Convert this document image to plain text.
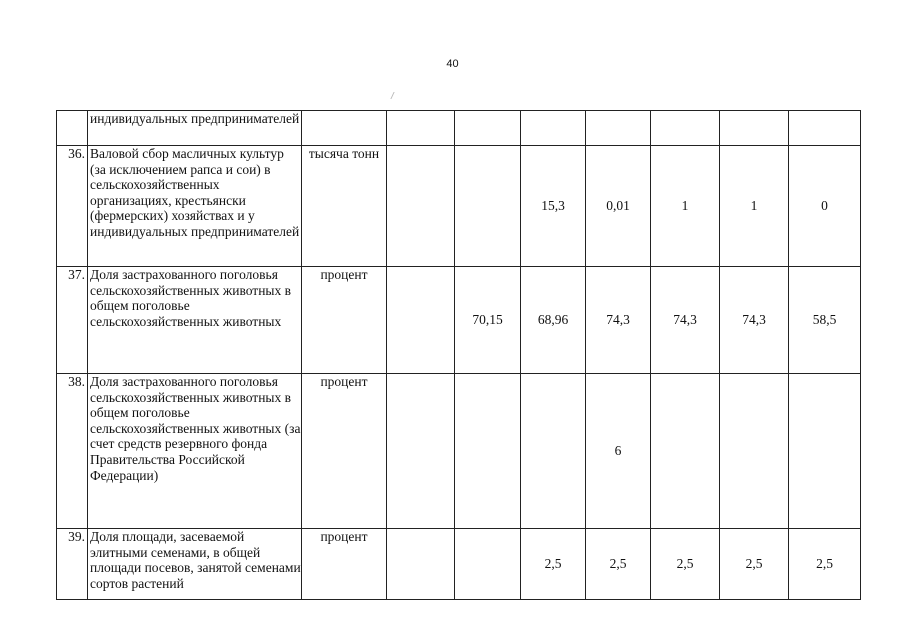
40
	индивидуальных предпринимателей								
36.	Валовой сбор масличных культур (за исключением рапса и сои) в сельскохозяйственных организациях, крестьянски (фермерских) хозяйствах и у индивидуальных предпринимателей	тысяча тонн			15,3	0,01	1	1	0
37.	Доля застрахованного поголовья сельскохозяйственных животных в общем поголовье сельскохозяйственных животных	процент		70,15	68,96	74,3	74,3	74,3	58,5
38.	Доля застрахованного поголовья сельскохозяйственных животных в общем поголовье сельскохозяйственных животных (за счет средств резервного фонда Правительства Российской Федерации)	процент				6			
39.	Доля площади, засеваемой элитными семенами, в общей площади посевов, занятой семенами сортов растений	процент			2,5	2,5	2,5	2,5	2,5
